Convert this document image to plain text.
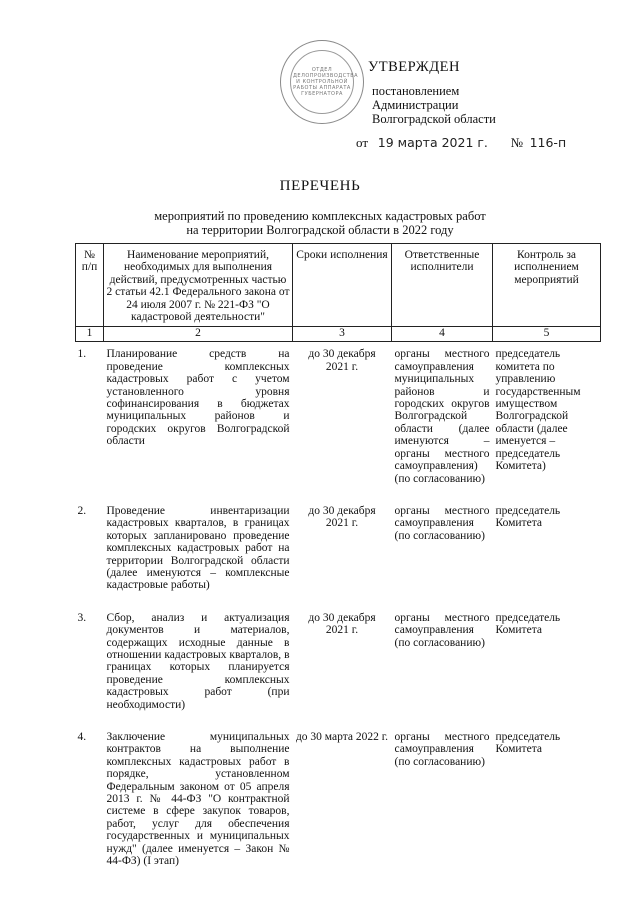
ОТДЕЛ ДЕЛОПРОИЗВОДСТВА И КОНТРОЛЬНОЙ РАБОТЫ АППАРАТА ГУБЕРНАТОРА
УТВЕРЖДЕН
постановлением
Администрации
Волгоградской области
от 19 марта 2021 г. № 116-п
ПЕРЕЧЕНЬ
мероприятий по проведению комплексных кадастровых работ
на территории Волгоградской области в 2022 году
№ п/п	Наименование мероприятий, необходимых для выполнения действий, предусмотренных частью 2 статьи 42.1 Федерального закона от 24 июля 2007 г. № 221-ФЗ "О кадастровой деятельности"	Сроки исполнения	Ответственные исполнители	Контроль за исполнением мероприятий
1	2	3	4	5
1.	Планирование средств на проведение комплексных кадастровых работ с учетом установленного уровня софинансирования в бюджетах муниципальных районов и городских округов Волгоградской области	до 30 декабря 2021 г.	органы местного самоуправления муниципальных районов и городских округов Волгоградской области (далее именуются – органы местного самоуправления) (по согласованию)	председатель комитета по управлению государственным имуществом Волгоградской области (далее именуется – председатель Комитета)
2.	Проведение инвентаризации кадастровых кварталов, в границах которых запланировано проведение комплексных кадастровых работ на территории Волгоградской области (далее именуются – комплексные кадастровые работы)	до 30 декабря 2021 г.	органы местного самоуправления (по согласованию)	председатель Комитета
3.	Сбор, анализ и актуализация документов и материалов, содержащих исходные данные в отношении кадастровых кварталов, в границах которых планируется проведение комплексных кадастровых работ (при необходимости)	до 30 декабря 2021 г.	органы местного самоуправления (по согласованию)	председатель Комитета
4.	Заключение муниципальных контрактов на выполнение комплексных кадастровых работ в порядке, установленном Федеральным законом от 05 апреля 2013 г. № 44-ФЗ "О контрактной системе в сфере закупок товаров, работ, услуг для обеспечения государственных и муниципальных нужд" (далее именуется – Закон № 44-ФЗ) (I этап)	до 30 марта 2022 г.	органы местного самоуправления (по согласованию)	председатель Комитета
